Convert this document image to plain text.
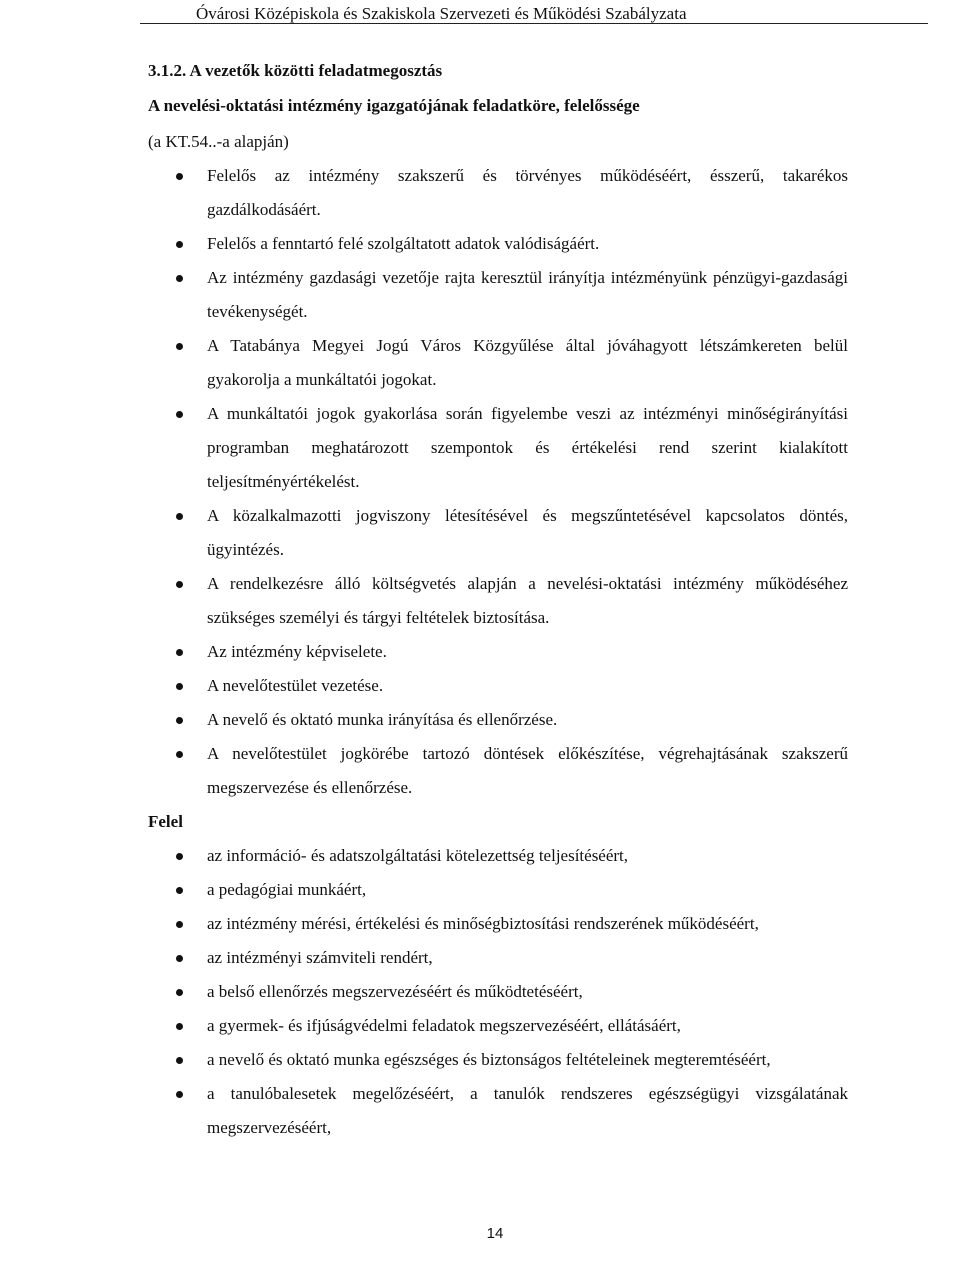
Óvárosi Középiskola és Szakiskola Szervezeti és Működési Szabályzata

3.1.2. A vezetők közötti feladatmegosztás

A nevelési-oktatási intézmény igazgatójának feladatköre, felelőssége

(a KT.54..-a alapján)

Felelős az intézmény szakszerű és törvényes működéséért, ésszerű, takarékos gazdálkodásáért.
Felelős a fenntartó felé szolgáltatott adatok valódiságáért.
Az intézmény gazdasági vezetője rajta keresztül irányítja intézményünk pénzügyi-gazdasági tevékenységét.
A Tatabánya Megyei Jogú Város Közgyűlése által jóváhagyott létszámkereten belül gyakorolja a munkáltatói jogokat.
A munkáltatói jogok gyakorlása során figyelembe veszi az intézményi minőségirányítási programban meghatározott szempontok és értékelési rend szerint kialakított teljesítményértékelést.
A közalkalmazotti jogviszony létesítésével és megszűntetésével kapcsolatos döntés, ügyintézés.
A rendelkezésre álló költségvetés alapján a nevelési-oktatási intézmény működéséhez szükséges személyi és tárgyi feltételek biztosítása.
Az intézmény képviselete.
A nevelőtestület vezetése.
A nevelő és oktató munka irányítása és ellenőrzése.
A nevelőtestület jogkörébe tartozó döntések előkészítése, végrehajtásának szakszerű megszervezése és ellenőrzése.

Felel

az információ- és adatszolgáltatási kötelezettség teljesítéséért,
a pedagógiai munkáért,
az intézmény mérési, értékelési és minőségbiztosítási rendszerének működéséért,
az intézményi számviteli rendért,
a belső ellenőrzés megszervezéséért és működtetéséért,
a gyermek- és ifjúságvédelmi feladatok megszervezéséért, ellátásáért,
a nevelő és oktató munka egészséges és biztonságos feltételeinek megteremtéséért,
a tanulóbalesetek megelőzéséért, a tanulók rendszeres egészségügyi vizsgálatának megszervezéséért,
14
